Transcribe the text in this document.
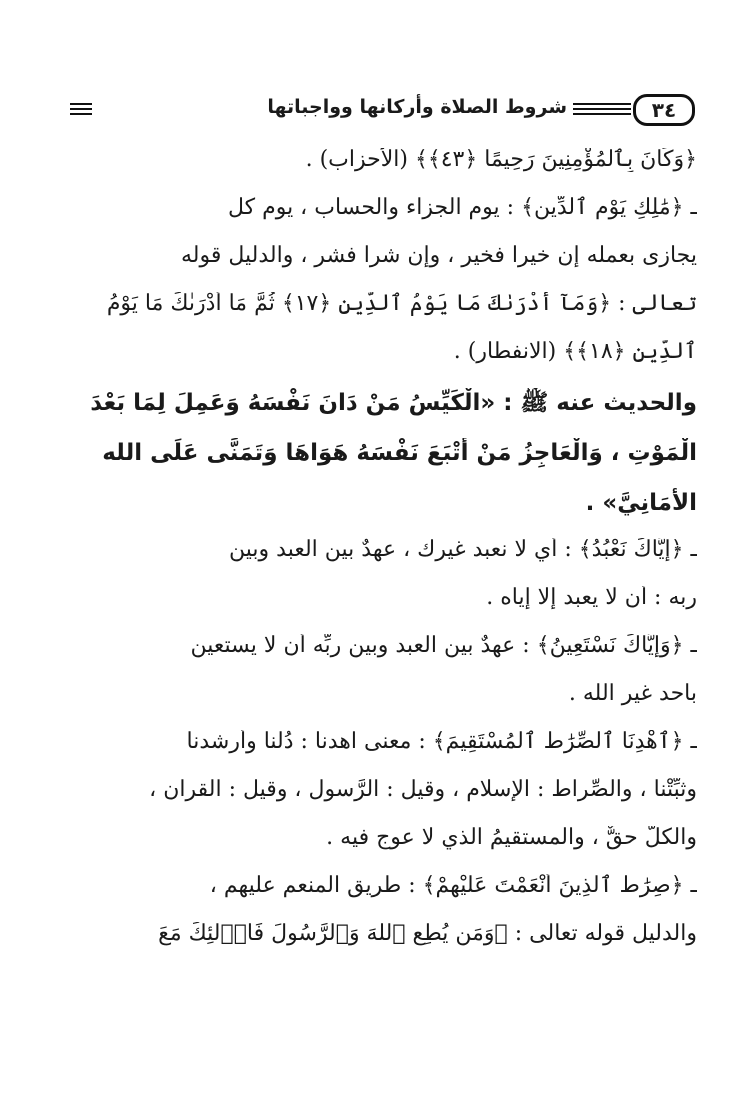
٣٤
شروط الصلاة وأركانها وواجباتها
﴿وَكَانَ بِٱلْمُؤْمِنِينَ رَحِيمًا ﴿٤٣﴾﴾ (الأحزاب) .
ـ ﴿مَٰلِكِ يَوْمِ ٱلدِّينِ﴾ : يوم الجزاء والحساب ، يوم كل
يجازى بعمله إن خيراً فخير ، وإن شراً فشر ، والدليل قوله
تعالى : ﴿وَمَآ أَدْرَىٰكَ مَا يَوْمُ ٱلدِّينِ ﴿١٧﴾ ثُمَّ مَآ أَدْرَىٰكَ مَا يَوْمُ
ٱلدِّينِ ﴿١٨﴾﴾ (الانفطار) .
والحديث عنه ﷺ : «الْكَيِّسُ مَنْ دَانَ نَفْسَهُ وَعَمِلَ لِمَا بَعْدَ
الْمَوْتِ ، وَالْعَاجِزُ مَنْ أَتْبَعَ نَفْسَهُ هَوَاهَا وَتَمَنَّى عَلَى الله
الأَمَانِيَّ» .
ـ ﴿إِيَّاكَ نَعْبُدُ﴾ : أي لا نعبد غيرك ، عهدٌ بين العبد وبين
ربه : أن لا يعبد إلا إياه .
ـ ﴿وَإِيَّاكَ نَسْتَعِينُ﴾ : عهدٌ بين العبد وبين ربِّه أن لا يستعين
بأحد غير الله .
ـ ﴿ٱهْدِنَا ٱلصِّرَٰطَ ٱلْمُسْتَقِيمَ﴾ : معنى اهدنا : دُلَّنا وأرشدنا
وثبِّتْنا ، والصِّراط : الإسلام ، وقيل : الرَّسول ، وقيل : القرآن ،
والكلُّ حقٌّ ، والمستقيمُ الذي لا عوج فيه .
ـ ﴿صِرَٰطَ ٱلَّذِينَ أَنْعَمْتَ عَلَيْهِمْ﴾ : طريق المنعم عليهم ،
والدليل قوله تعالى : ﴿وَمَن يُطِعِ ٱللَّهَ وَٱلرَّسُولَ فَأُو۟لَٰٓئِكَ مَعَ
